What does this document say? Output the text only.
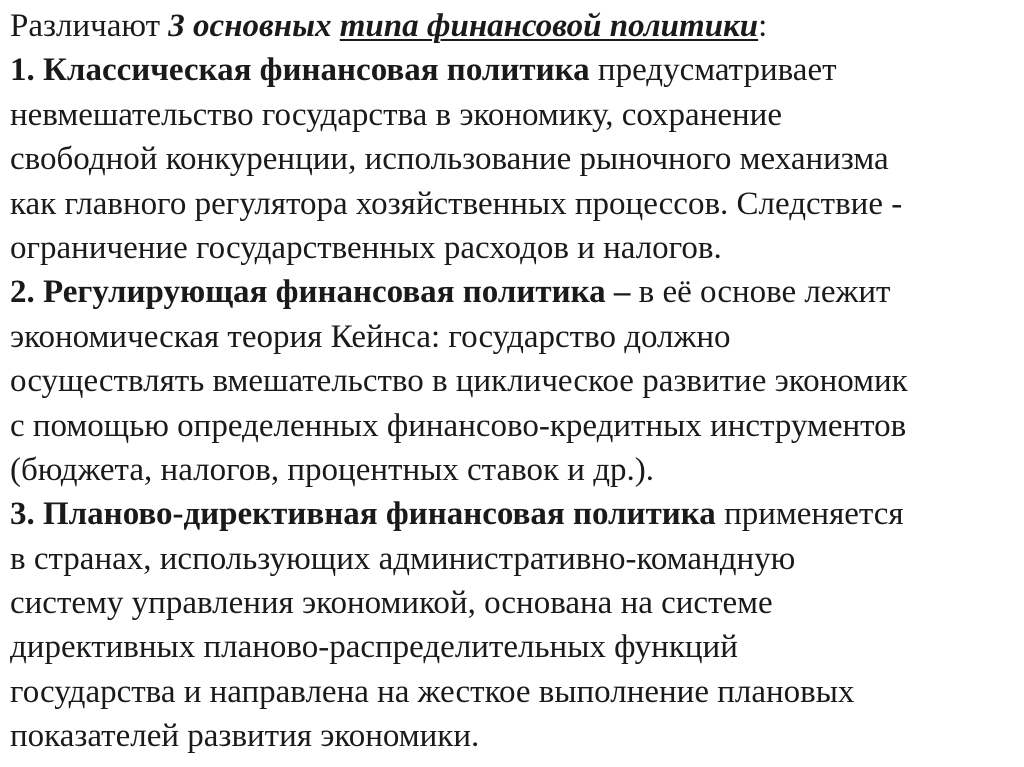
Различают 3 основных типа финансовой политики:
1. Классическая финансовая политика предусматривает
невмешательство государства в экономику, сохранение
свободной конкуренции, использование рыночного механизма
как главного регулятора хозяйственных процессов. Следствие -
ограничение государственных расходов и налогов.
2. Регулирующая финансовая политика – в её основе лежит
экономическая теория Кейнса: государство должно
осуществлять вмешательство в циклическое развитие экономик
с помощью определенных финансово-кредитных инструментов
(бюджета, налогов, процентных ставок и др.).
3. Планово-директивная финансовая политика применяется
в странах, использующих административно-командную
систему управления экономикой, основана на системе
директивных планово-распределительных функций
государства и направлена на жесткое выполнение плановых
показателей развития экономики.
